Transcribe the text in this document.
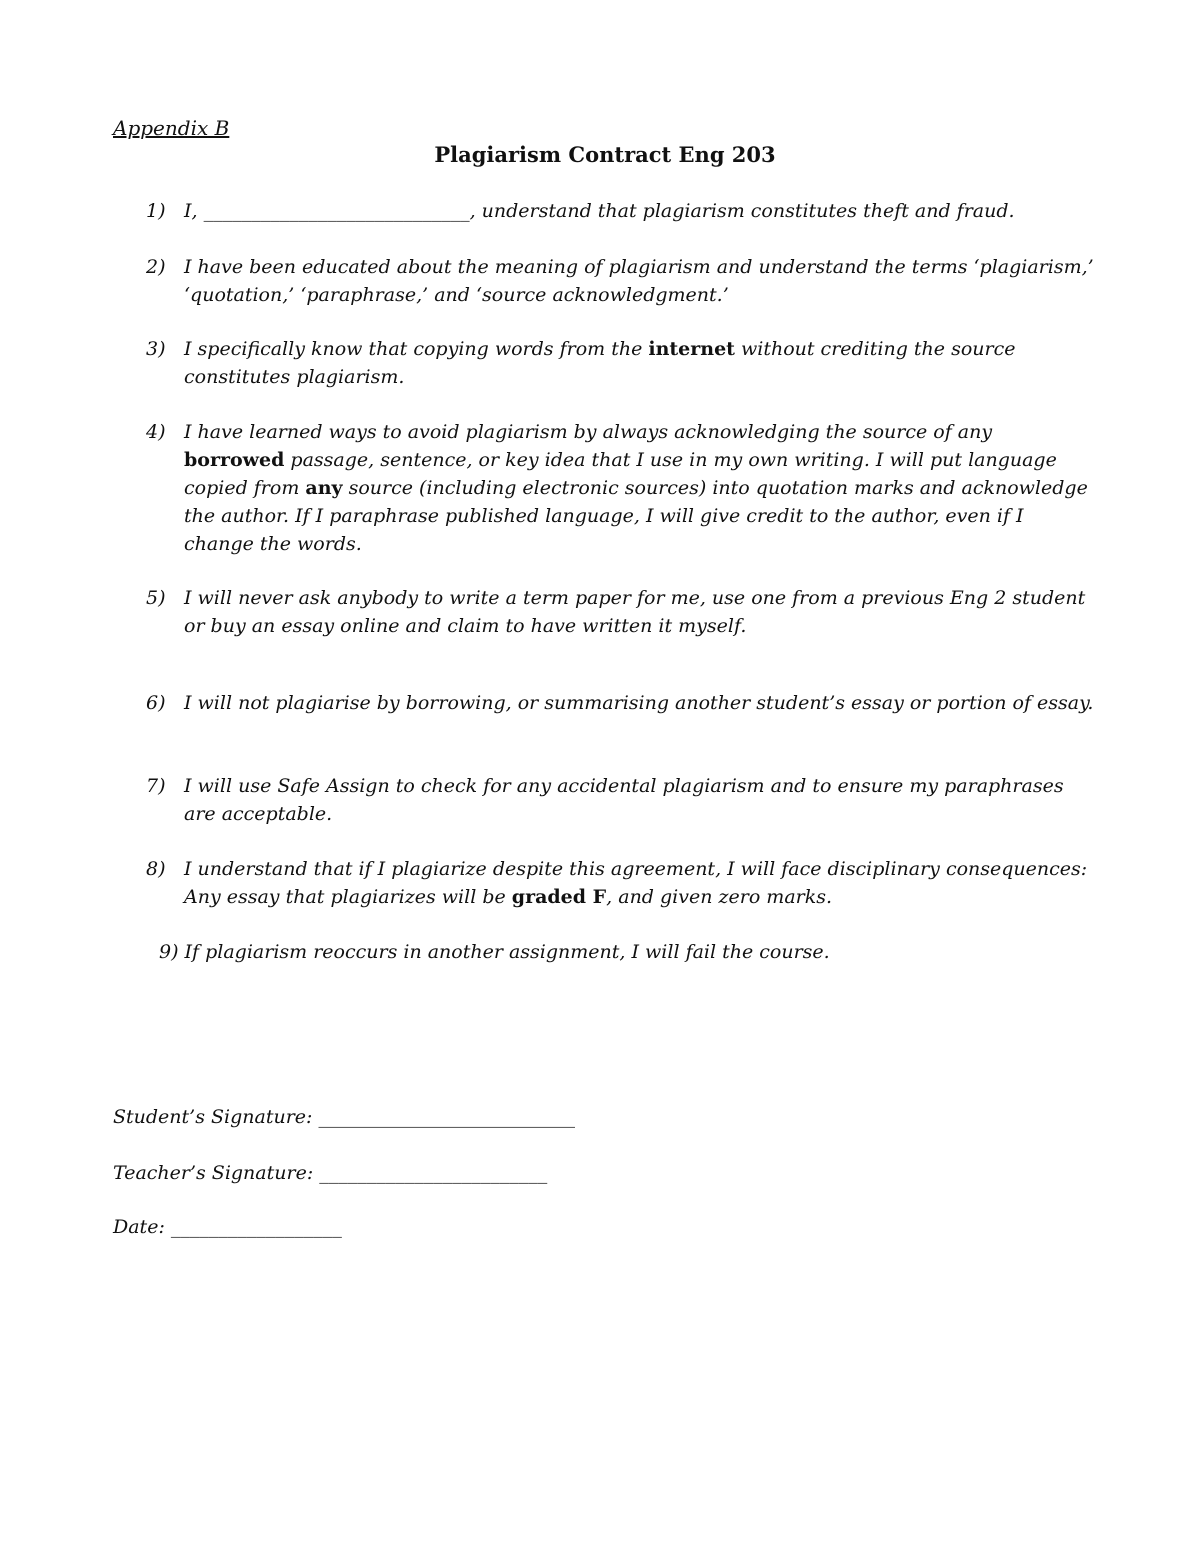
Appendix B
Plagiarism Contract Eng 203
1) I, ____________________________, understand that plagiarism constitutes theft and fraud.
2) I have been educated about the meaning of plagiarism and understand the terms ‘plagiarism,’ ‘quotation,’ ‘paraphrase,’ and ‘source acknowledgment.’
3) I specifically know that copying words from the internet without crediting the source constitutes plagiarism.
4) I have learned ways to avoid plagiarism by always acknowledging the source of any borrowed passage, sentence, or key idea that I use in my own writing. I will put language copied from any source (including electronic sources) into quotation marks and acknowledge the author. If I paraphrase published language, I will give credit to the author, even if I change the words.
5) I will never ask anybody to write a term paper for me, use one from a previous Eng 2 student or buy an essay online and claim to have written it myself.
6) I will not plagiarise by borrowing, or summarising another student’s essay or portion of essay.
7) I will use Safe Assign to check for any accidental plagiarism and to ensure my paraphrases are acceptable.
8) I understand that if I plagiarize despite this agreement, I will face disciplinary consequences: Any essay that plagiarizes will be graded F, and given zero marks.
9) If plagiarism reoccurs in another assignment, I will fail the course.
Student’s Signature: ___________________________
Teacher’s Signature: ________________________
Date: __________________
